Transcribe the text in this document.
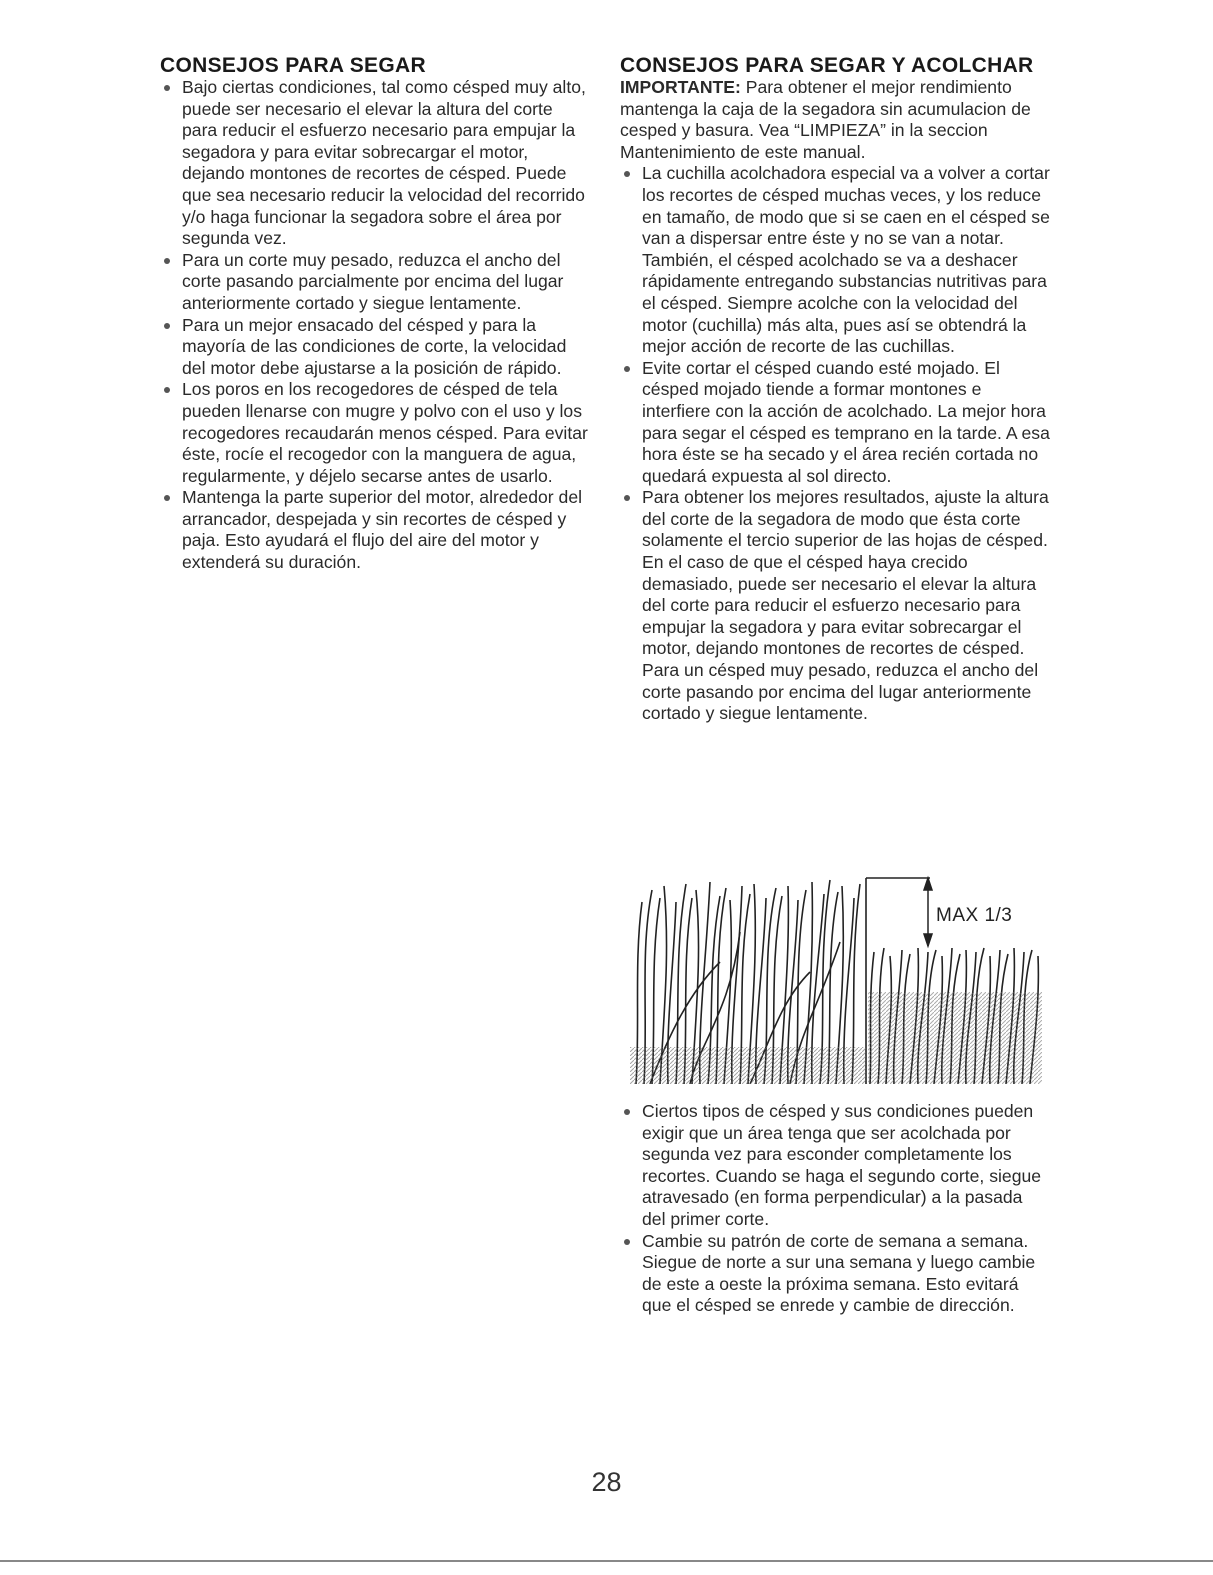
CONSEJOS PARA SEGAR
Bajo ciertas condiciones, tal como césped muy alto, puede ser necesario el elevar la altura del corte para reducir el esfuerzo necesario para empujar la segadora y para evitar sobrecargar el motor, dejando montones de recortes de césped. Puede que sea necesario reducir la velocidad del recorrido y/o haga funcionar la segadora sobre el área por segunda vez.
Para un corte muy pesado, reduzca el ancho del corte pasando parcialmente por encima del lugar anteriormente cortado y siegue lentamente.
Para un mejor ensacado del césped y para la mayoría de las condiciones de corte, la velocidad del motor debe ajustarse a la posición de rápido.
Los poros en los recogedores de césped de tela pueden llenarse con mugre y polvo con el uso y los recogedores recaudarán menos césped. Para evitar éste, rocíe el recogedor con la manguera de agua, regularmente, y déjelo secarse antes de usarlo.
Mantenga la parte superior del motor, alrededor del arrancador, despejada y sin recortes de césped y paja. Esto ayudará el flujo del aire del motor y extenderá su duración.
CONSEJOS PARA SEGAR Y ACOLCHAR

IMPORTANTE: Para obtener el mejor rendimiento mantenga la caja de la segadora sin acumulacion de cesped y basura. Vea “LIMPIEZA” in la seccion Mantenimiento de este manual.

La cuchilla acolchadora especial va a volver a cortar los recortes de césped muchas veces, y los reduce en tamaño, de modo que si se caen en el césped se van a dispersar entre éste y no se van a notar. También, el césped acolchado se va a deshacer rápidamente entregando substancias nutritivas para el césped. Siempre acolche con la velocidad del motor (cuchilla) más alta, pues así se obtendrá la mejor acción de recorte de las cuchillas.
Evite cortar el césped cuando esté mojado. El césped mojado tiende a formar montones e interfiere con la acción de acolchado. La mejor hora para segar el césped es temprano en la tarde. A esa hora éste se ha secado y el área recién cortada no quedará expuesta al sol directo.
Para obtener los mejores resultados, ajuste la altura del corte de la segadora de modo que ésta corte solamente el tercio superior de las hojas de césped. En el caso de que el césped haya crecido demasiado, puede ser necesario el elevar la altura del corte para reducir el esfuerzo necesario para empujar la segadora y para evitar sobrecargar el motor, dejando montones de recortes de césped. Para un césped muy pesado, reduzca el ancho del corte pasando por encima del lugar anteriormente cortado y siegue lentamente.
MAX 1/3
Ciertos tipos de césped y sus condiciones pueden exigir que un área tenga que ser acolchada por segunda vez para esconder completamente los recortes. Cuando se haga el segundo corte, siegue atravesado (en forma perpendicular) a la pasada del primer corte.
Cambie su patrón de corte de semana a semana. Siegue de norte a sur una semana y luego cambie de este a oeste la próxima semana. Esto evitará que el césped se enrede y cambie de dirección.
28
